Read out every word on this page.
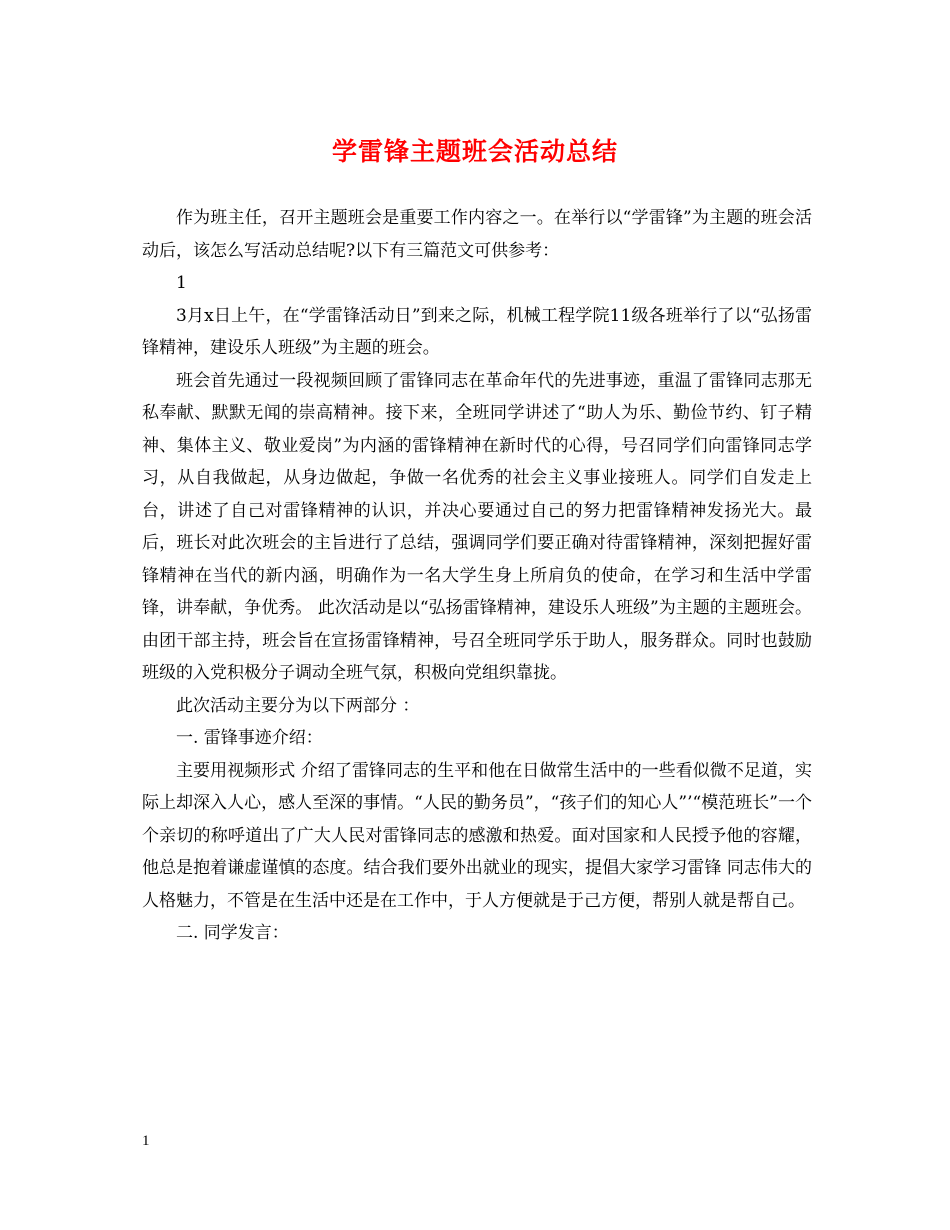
学雷锋主题班会活动总结

作为班主任，召开主题班会是重要工作内容之一。在举行以“学雷锋”为主题的班会活动后，该怎么写活动总结呢?以下有三篇范文可供参考：

1

3月x日上午，在“学雷锋活动日”到来之际，机械工程学院11级各班举行了以“弘扬雷锋精神，建设乐人班级”为主题的班会。

班会首先通过一段视频回顾了雷锋同志在革命年代的先进事迹，重温了雷锋同志那无私奉献、默默无闻的崇高精神。接下来，全班同学讲述了“助人为乐、勤俭节约、钉子精神、集体主义、敬业爱岗”为内涵的雷锋精神在新时代的心得，号召同学们向雷锋同志学习，从自我做起，从身边做起，争做一名优秀的社会主义事业接班人。同学们自发走上台，讲述了自己对雷锋精神的认识，并决心要通过自己的努力把雷锋精神发扬光大。最后，班长对此次班会的主旨进行了总结，强调同学们要正确对待雷锋精神，深刻把握好雷锋精神在当代的新内涵，明确作为一名大学生身上所肩负的使命，在学习和生活中学雷锋，讲奉献，争优秀。 此次活动是以“弘扬雷锋精神，建设乐人班级”为主题的主题班会。由团干部主持，班会旨在宣扬雷锋精神，号召全班同学乐于助人，服务群众。同时也鼓励班级的入党积极分子调动全班气氛，积极向党组织靠拢。

此次活动主要分为以下两部分 ：

一. 雷锋事迹介绍：

主要用视频形式 介绍了雷锋同志的生平和他在日做常生活中的一些看似微不足道，实际上却深入人心，感人至深的事情。“人民的勤务员”，“孩子们的知心人”’“模范班长”一个个亲切的称呼道出了广大人民对雷锋同志的感激和热爱。面对国家和人民授予他的容耀，他总是抱着谦虚谨慎的态度。结合我们要外出就业的现实，提倡大家学习雷锋 同志伟大的人格魅力，不管是在生活中还是在工作中，于人方便就是于己方便，帮别人就是帮自己。

二. 同学发言：

1
